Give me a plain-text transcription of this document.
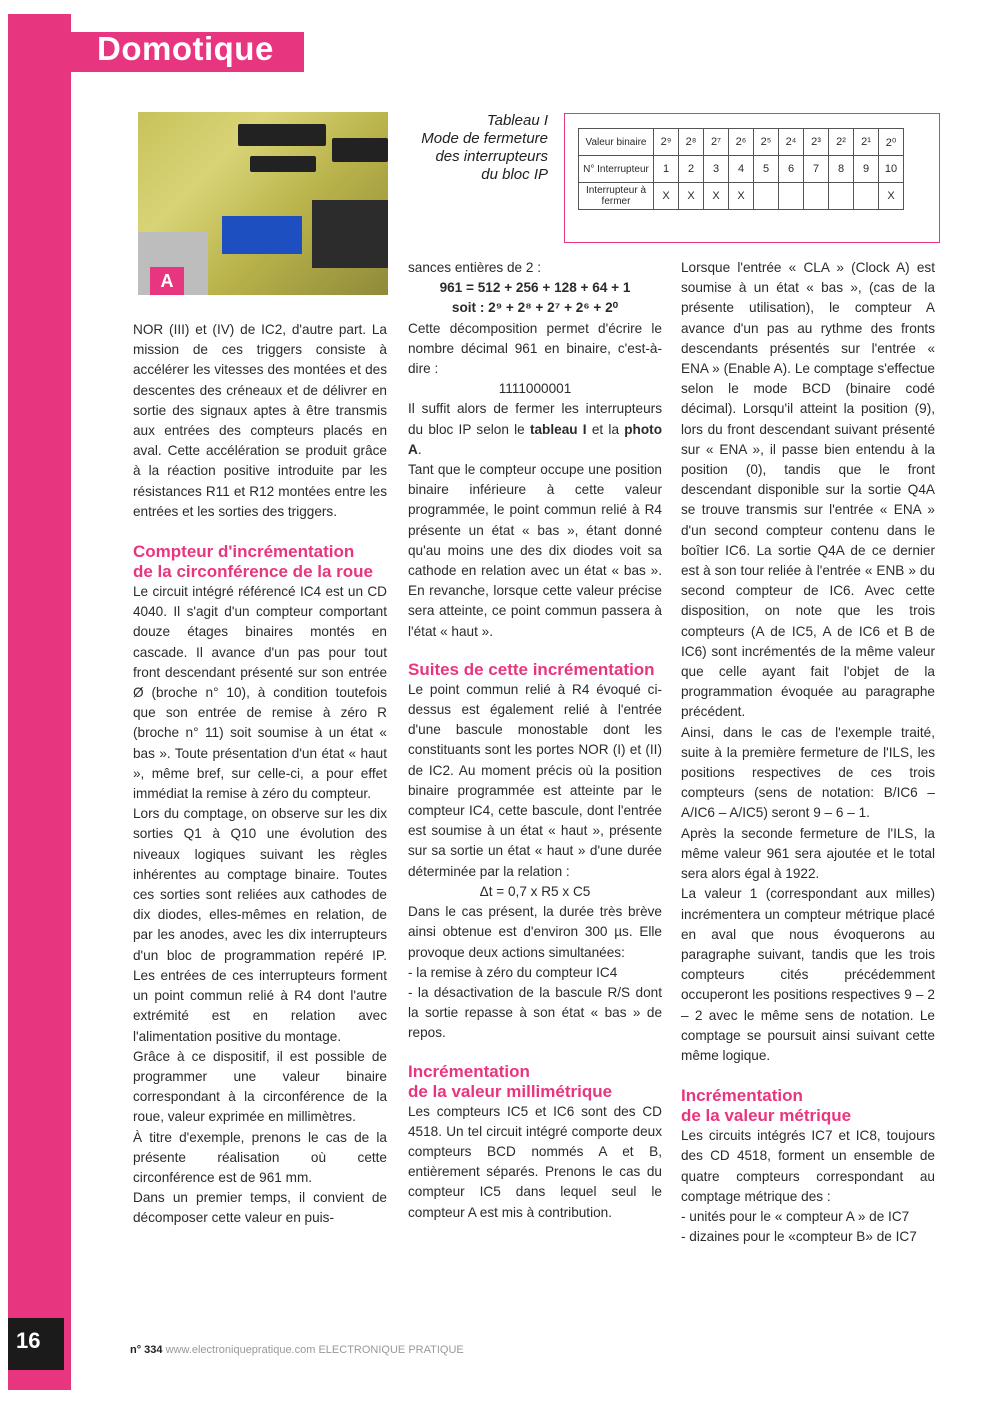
Domotique
A
Tableau I
Mode de fermeture
des interrupteurs
du bloc IP
Valeur binaire	2⁹	2⁸	2⁷	2⁶	2⁵	2⁴	2³	2²	2¹	2⁰
N° Interrupteur	1	2	3	4	5	6	7	8	9	10
Interrupteur à fermer	X	X	X	X						X

NOR (III) et (IV) de IC2, d'autre part. La mission de ces triggers consiste à accélérer les vitesses des montées et des descentes des créneaux et de délivrer en sortie des signaux aptes à être transmis aux entrées des compteurs placés en aval. Cette accélération se produit grâce à la réaction positive introduite par les résistances R11 et R12 montées entre les entrées et les sorties des triggers.

Compteur d'incrémentation
de la circonférence de la roue

Le circuit intégré référencé IC4 est un CD 4040. Il s'agit d'un compteur comportant douze étages binaires montés en cascade. Il avance d'un pas pour tout front descendant présenté sur son entrée Ø (broche n° 10), à condition toutefois que son entrée de remise à zéro R (broche n° 11) soit soumise à un état « bas ». Toute présentation d'un état « haut », même bref, sur celle-ci, a pour effet immédiat la remise à zéro du compteur.

Lors du comptage, on observe sur les dix sorties Q1 à Q10 une évolution des niveaux logiques suivant les règles inhérentes au comptage binaire. Toutes ces sorties sont reliées aux cathodes de dix diodes, elles-mêmes en relation, de par les anodes, avec les dix interrupteurs d'un bloc de programmation repéré IP. Les entrées de ces interrupteurs forment un point commun relié à R4 dont l'autre extrémité est en relation avec l'alimentation positive du montage.

Grâce à ce dispositif, il est possible de programmer une valeur binaire correspondant à la circonférence de la roue, valeur exprimée en millimètres.

À titre d'exemple, prenons le cas de la présente réalisation où cette circonférence est de 961 mm.

Dans un premier temps, il convient de décomposer cette valeur en puis-

sances entières de 2 :

961 = 512 + 256 + 128 + 64 + 1

soit : 2⁹ + 2⁸ + 2⁷ + 2⁶ + 2⁰

Cette décomposition permet d'écrire le nombre décimal 961 en binaire, c'est-à-dire :

1111000001

Il suffit alors de fermer les interrupteurs du bloc IP selon le tableau I et la photo A.

Tant que le compteur occupe une position binaire inférieure à cette valeur programmée, le point commun relié à R4 présente un état « bas », étant donné qu'au moins une des dix diodes voit sa cathode en relation avec un état « bas ». En revanche, lorsque cette valeur précise sera atteinte, ce point commun passera à l'état « haut ».

Suites de cette incrémentation

Le point commun relié à R4 évoqué ci-dessus est également relié à l'entrée d'une bascule monostable dont les constituants sont les portes NOR (I) et (II) de IC2. Au moment précis où la position binaire programmée est atteinte par le compteur IC4, cette bascule, dont l'entrée est soumise à un état « haut », présente sur sa sortie un état « haut » d'une durée déterminée par la relation :

Δt = 0,7 x R5 x C5

Dans le cas présent, la durée très brève ainsi obtenue est d'environ 300 µs. Elle provoque deux actions simultanées:

- la remise à zéro du compteur IC4

- la désactivation de la bascule R/S dont la sortie repasse à son état « bas » de repos.

Incrémentation
de la valeur millimétrique

Les compteurs IC5 et IC6 sont des CD 4518. Un tel circuit intégré comporte deux compteurs BCD nommés A et B, entièrement séparés. Prenons le cas du compteur IC5 dans lequel seul le compteur A est mis à contribution.

Lorsque l'entrée « CLA » (Clock A) est soumise à un état « bas », (cas de la présente utilisation), le compteur A avance d'un pas au rythme des fronts descendants présentés sur l'entrée « ENA » (Enable A). Le comptage s'effectue selon le mode BCD (binaire codé décimal). Lorsqu'il atteint la position (9), lors du front descendant suivant présenté sur « ENA », il passe bien entendu à la position (0), tandis que le front descendant disponible sur la sortie Q4A se trouve transmis sur l'entrée « ENA » d'un second compteur contenu dans le boîtier IC6. La sortie Q4A de ce dernier est à son tour reliée à l'entrée « ENB » du second compteur de IC6. Avec cette disposition, on note que les trois compteurs (A de IC5, A de IC6 et B de IC6) sont incrémentés de la même valeur que celle ayant fait l'objet de la programmation évoquée au paragraphe précédent.

Ainsi, dans le cas de l'exemple traité, suite à la première fermeture de l'ILS, les positions respectives de ces trois compteurs (sens de notation: B/IC6 – A/IC6 – A/IC5) seront 9 – 6 – 1.

Après la seconde fermeture de l'ILS, la même valeur 961 sera ajoutée et le total sera alors égal à 1922.

La valeur 1 (correspondant aux milles) incrémentera un compteur métrique placé en aval que nous évoquerons au paragraphe suivant, tandis que les trois compteurs cités précédemment occuperont les positions respectives 9 – 2 – 2 avec le même sens de notation. Le comptage se poursuit ainsi suivant cette même logique.

Incrémentation
de la valeur métrique

Les circuits intégrés IC7 et IC8, toujours des CD 4518, forment un ensemble de quatre compteurs correspondant au comptage métrique des :

- unités pour le « compteur A » de IC7

- dizaines pour le «compteur B» de IC7

16	n° 334 www.electroniquepratique.com ELECTRONIQUE PRATIQUE
